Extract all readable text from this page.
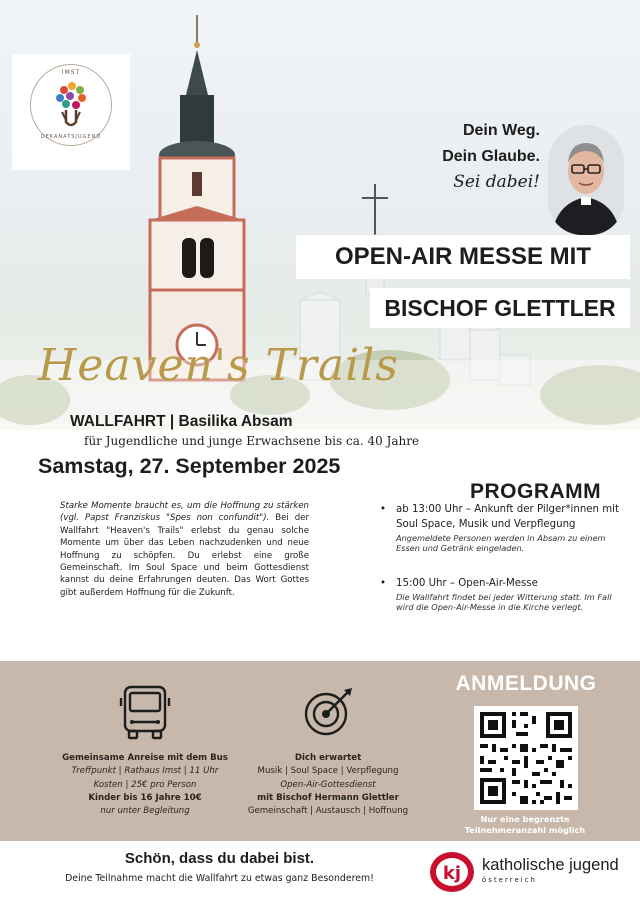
IMST
DEKANATSJUGEND	Dein Weg.
Dein Glaube.
Sei dabei!
OPEN-AIR MESSE MIT
BISCHOF GLETTLER
Heaven's Trails
WALLFAHRT | Basilika Absam
für Jugendliche und junge Erwachsene bis ca. 40 Jahre
Samstag, 27. September 2025
Starke Momente braucht es, um die Hoffnung zu stärken (vgl. Papst Franziskus "Spes non confundit"). Bei der Wallfahrt "Heaven's Trails" erlebst du genau solche Momente um über das Leben nachzudenken und neue Hoffnung zu schöpfen. Du erlebst eine große Gemeinschaft. Im Soul Space und beim Gottesdienst kannst du deine Erfahrungen deuten. Das Wort Gottes gibt außerdem Hoffnung für die Zukunft.
PROGRAMM
• ab 13:00 Uhr – Ankunft der Pilger*innen mit Soul Space, Musik und Verpflegung
Angemeldete Personen werden in Absam zu einem Essen und Getränk eingeladen.
• 15:00 Uhr – Open-Air-Messe
Die Wallfahrt findet bei jeder Witterung statt. Im Fall wird die Open-Air-Messe in die Kirche verlegt.
Gemeinsame Anreise mit dem Bus
Treffpunkt | Rathaus Imst | 11 Uhr
Kosten | 25€ pro Person
Kinder bis 16 Jahre 10€
nur unter Begleitung
Dich erwartet
Musik | Soul Space | Verpflegung
Open-Air-Gottesdienst
mit Bischof Hermann Glettler
Gemeinschaft | Austausch | Hoffnung
ANMELDUNG
Nur eine begrenzte Teilnehmeranzahl möglich
Schön, dass du dabei bist.
Deine Teilnahme macht die Wallfahrt zu etwas ganz Besonderem!	kj katholische jugend
österreich
